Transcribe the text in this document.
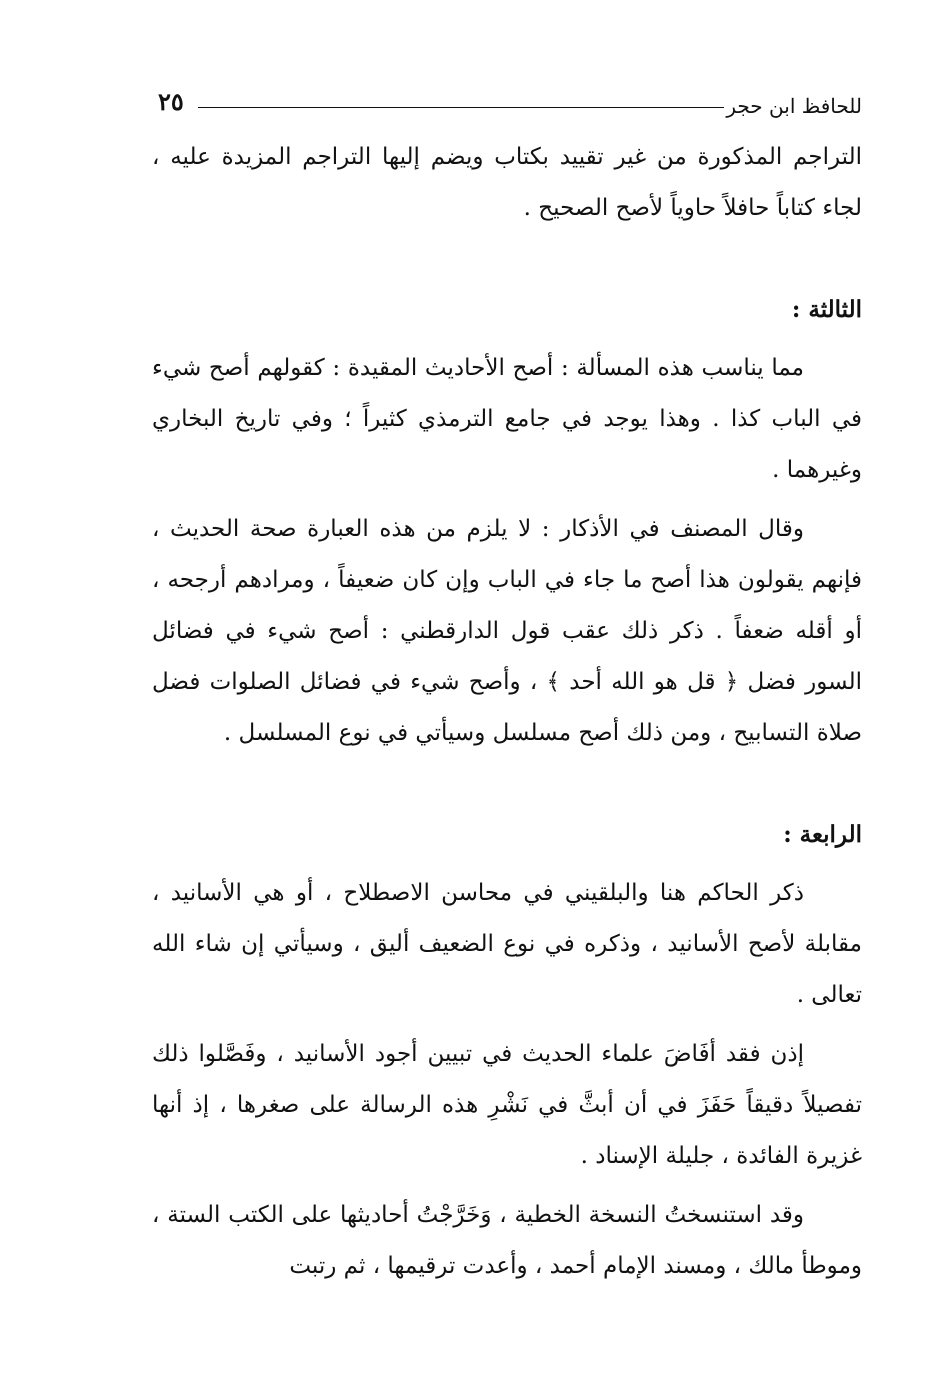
للحافظ ابن حجر
٢٥

التراجم المذكورة من غير تقييد بكتاب ويضم إليها التراجم المزيدة عليه ، لجاء كتاباً حافلاً حاوياً لأصح الصحيح .

الثالثة :

مما يناسب هذه المسألة : أصح الأحاديث المقيدة : كقولهم أصح شيء في الباب كذا . وهذا يوجد في جامع الترمذي كثيراً ؛ وفي تاريخ البخاري وغيرهما .

وقال المصنف في الأذكار : لا يلزم من هذه العبارة صحة الحديث ، فإنهم يقولون هذا أصح ما جاء في الباب وإن كان ضعيفاً ، ومرادهم أرجحه ، أو أقله ضعفاً . ذكر ذلك عقب قول الدارقطني : أصح شيء في فضائل السور فضل ﴿ قل هو الله أحد ﴾ ، وأصح شيء في فضائل الصلوات فضل صلاة التسابيح ، ومن ذلك أصح مسلسل وسيأتي في نوع المسلسل .

الرابعة :

ذكر الحاكم هنا والبلقيني في محاسن الاصطلاح ، أو هي الأسانيد ، مقابلة لأصح الأسانيد ، وذكره في نوع الضعيف أليق ، وسيأتي إن شاء الله تعالى .

إذن فقد أفَاضَ علماء الحديث في تبيين أجود الأسانيد ، وفَصَّلوا ذلك تفصيلاً دقيقاً حَفَزَ في أن أبثَّ في نَشْرِ هذه الرسالة على صغرها ، إذ أنها غزيرة الفائدة ، جليلة الإسناد .

وقد استنسختُ النسخة الخطية ، وَخَرَّجْتُ أحاديثها على الكتب الستة ، وموطأ مالك ، ومسند الإمام أحمد ، وأعدت ترقيمها ، ثم رتبت
